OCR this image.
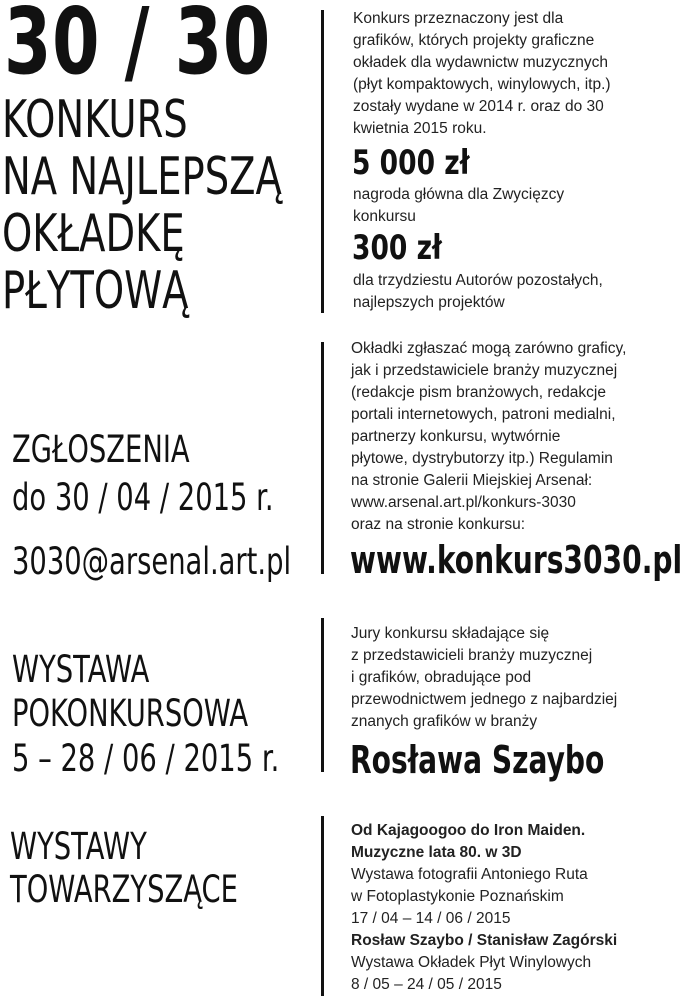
30 / 30
KONKURS
NA NAJLEPSZĄ
OKŁADKĘ
PŁYTOWĄ
Konkurs przeznaczony jest dla
grafików, których projekty graficzne
okładek dla wydawnictw muzycznych
(płyt kompaktowych, winylowych, itp.)
zostały wydane w 2014 r. oraz do 30
kwietnia 2015 roku.
5 000 zł
nagroda główna dla Zwycięzcy
konkursu
300 zł
dla trzydziestu Autorów pozostałych,
najlepszych projektów
ZGŁOSZENIA
do 30 / 04 / 2015 r.
3030@arsenal.art.pl
Okładki zgłaszać mogą zarówno graficy,
jak i przedstawiciele branży muzycznej
(redakcje pism branżowych, redakcje
portali internetowych, patroni medialni,
partnerzy konkursu, wytwórnie
płytowe, dystrybutorzy itp.) Regulamin
na stronie Galerii Miejskiej Arsenał:
www.arsenal.art.pl/konkurs-3030
oraz na stronie konkursu:
www.konkurs3030.pl
WYSTAWA
POKONKURSOWA
5 – 28 / 06 / 2015 r.
Jury konkursu składające się
z przedstawicieli branży muzycznej
i grafików, obradujące pod
przewodnictwem jednego z najbardziej
znanych grafików w branży
Rosława Szaybo
WYSTAWY
TOWARZYSZĄCE
Od Kajagoogoo do Iron Maiden.
Muzyczne lata 80. w 3D
Wystawa fotografii Antoniego Ruta
w Fotoplastykonie Poznańskim
17 / 04 – 14 / 06 / 2015
Rosław Szaybo / Stanisław Zagórski
Wystawa Okładek Płyt Winylowych
8 / 05 – 24 / 05 / 2015
